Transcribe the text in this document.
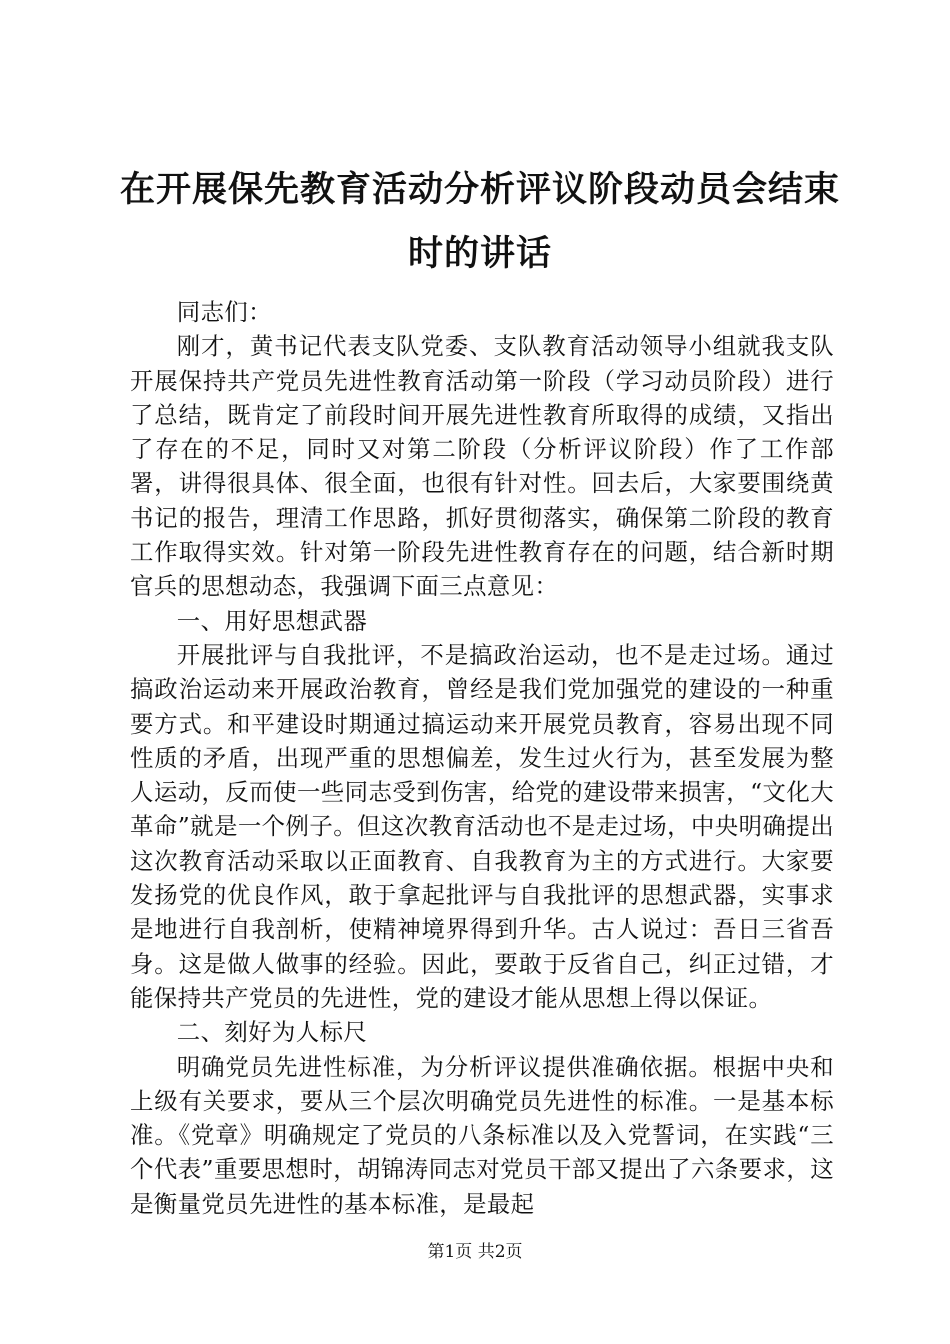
在开展保先教育活动分析评议阶段动员会结束时的讲话

同志们：

刚才，黄书记代表支队党委、支队教育活动领导小组就我支队开展保持共产党员先进性教育活动第一阶段（学习动员阶段）进行了总结，既肯定了前段时间开展先进性教育所取得的成绩，又指出了存在的不足，同时又对第二阶段（分析评议阶段）作了工作部署，讲得很具体、很全面，也很有针对性。回去后，大家要围绕黄书记的报告，理清工作思路，抓好贯彻落实，确保第二阶段的教育工作取得实效。针对第一阶段先进性教育存在的问题，结合新时期官兵的思想动态，我强调下面三点意见：

一、用好思想武器

开展批评与自我批评，不是搞政治运动，也不是走过场。通过搞政治运动来开展政治教育，曾经是我们党加强党的建设的一种重要方式。和平建设时期通过搞运动来开展党员教育，容易出现不同性质的矛盾，出现严重的思想偏差，发生过火行为，甚至发展为整人运动，反而使一些同志受到伤害，给党的建设带来损害，“文化大革命”就是一个例子。但这次教育活动也不是走过场，中央明确提出这次教育活动采取以正面教育、自我教育为主的方式进行。大家要发扬党的优良作风，敢于拿起批评与自我批评的思想武器，实事求是地进行自我剖析，使精神境界得到升华。古人说过：吾日三省吾身。这是做人做事的经验。因此，要敢于反省自己，纠正过错，才能保持共产党员的先进性，党的建设才能从思想上得以保证。

二、刻好为人标尺

明确党员先进性标准，为分析评议提供准确依据。根据中央和上级有关要求，要从三个层次明确党员先进性的标准。一是基本标准。《党章》明确规定了党员的八条标准以及入党誓词，在实践“三个代表”重要思想时，胡锦涛同志对党员干部又提出了六条要求，这是衡量党员先进性的基本标准，是最起

第1页 共2页
